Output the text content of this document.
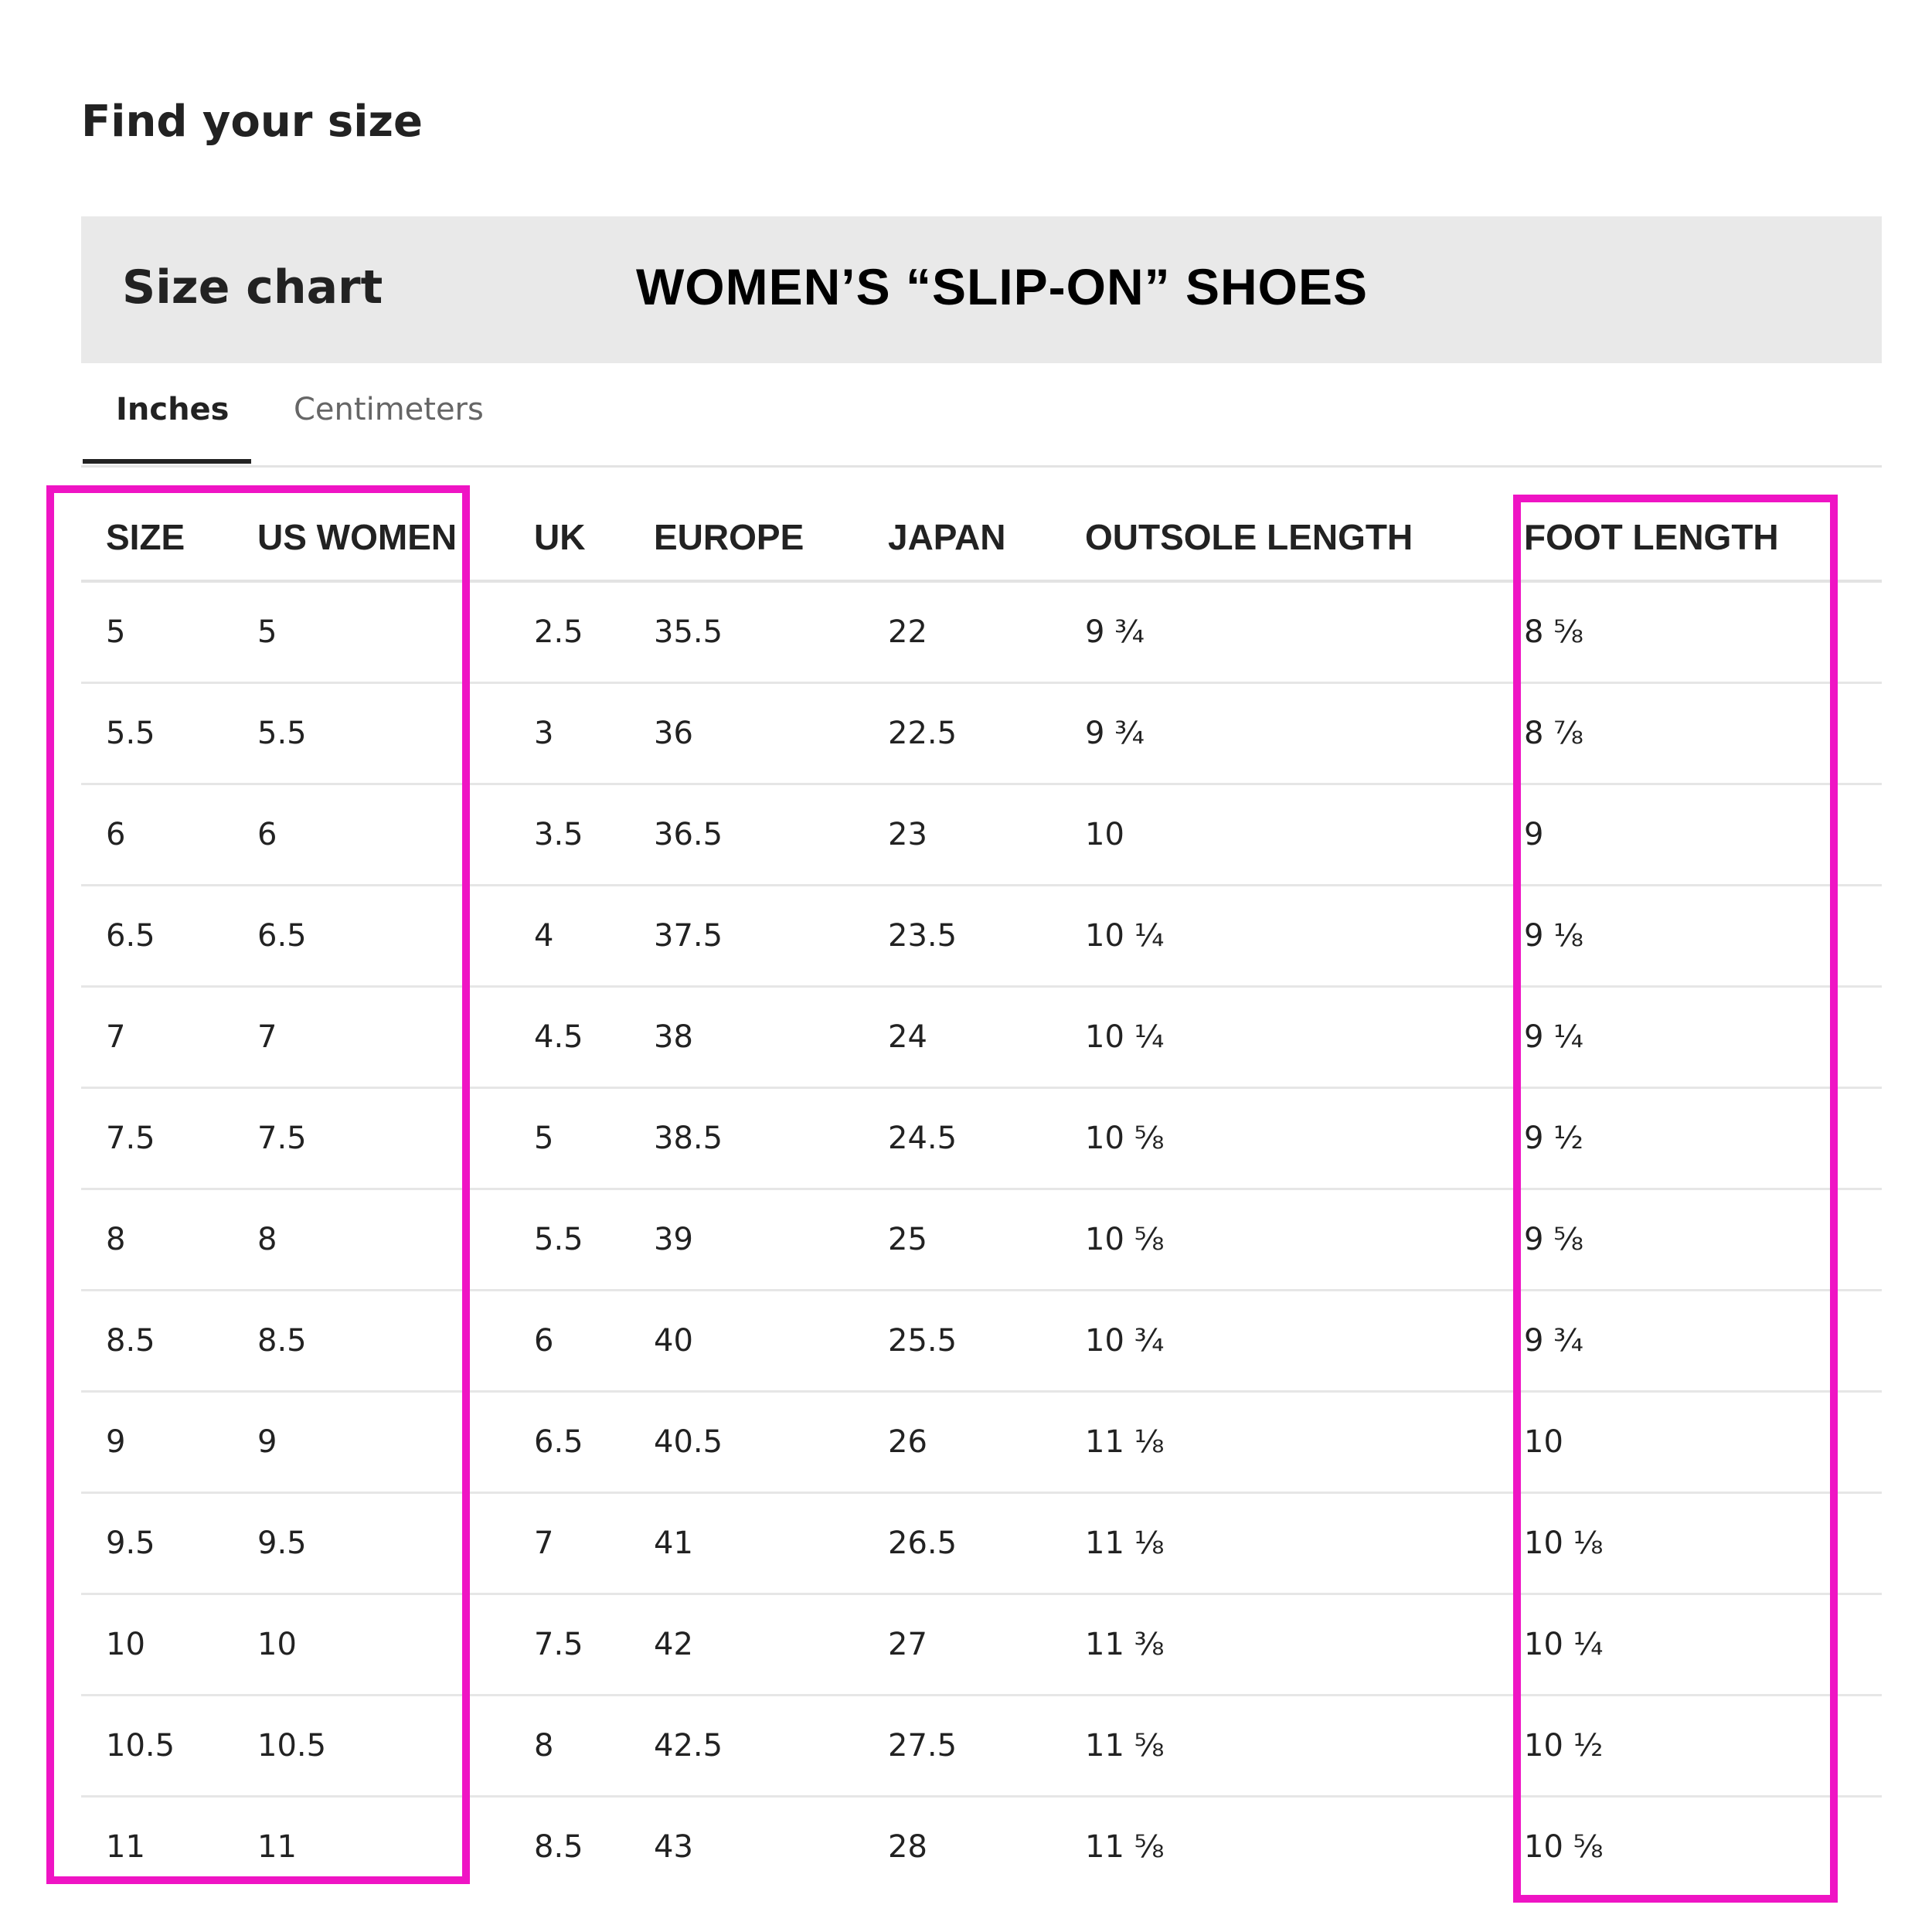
Find your size
Size chart	WOMEN’S “SLIP-ON” SHOES
Inches Centimeters
SIZE	US WOMEN	UK	EUROPE	JAPAN	OUTSOLE LENGTH	FOOT LENGTH
5	5	2.5	35.5	22	9 ¾	8 ⅝
5.5	5.5	3	36	22.5	9 ¾	8 ⅞
6	6	3.5	36.5	23	10	9
6.5	6.5	4	37.5	23.5	10 ¼	9 ⅛
7	7	4.5	38	24	10 ¼	9 ¼
7.5	7.5	5	38.5	24.5	10 ⅝	9 ½
8	8	5.5	39	25	10 ⅝	9 ⅝
8.5	8.5	6	40	25.5	10 ¾	9 ¾
9	9	6.5	40.5	26	11 ⅛	10
9.5	9.5	7	41	26.5	11 ⅛	10 ⅛
10	10	7.5	42	27	11 ⅜	10 ¼
10.5	10.5	8	42.5	27.5	11 ⅝	10 ½
11	11	8.5	43	28	11 ⅝	10 ⅝
